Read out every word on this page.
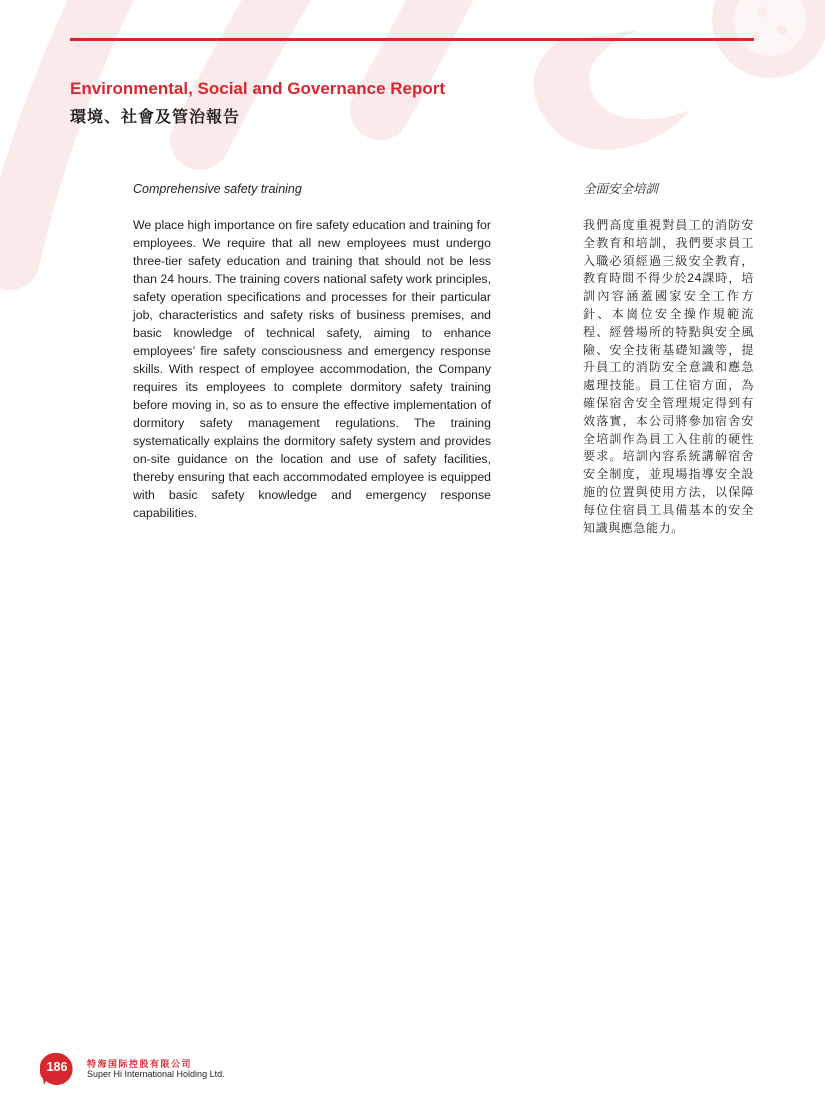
Environmental, Social and Governance Report
環境、社會及管治報告
Comprehensive safety training

We place high importance on fire safety education and training for employees. We require that all new employees must undergo three-tier safety education and training that should not be less than 24 hours. The training covers national safety work principles, safety operation specifications and processes for their particular job, characteristics and safety risks of business premises, and basic knowledge of technical safety, aiming to enhance employees’ fire safety consciousness and emergency response skills. With respect of employee accommodation, the Company requires its employees to complete dormitory safety training before moving in, so as to ensure the effective implementation of dormitory safety management regulations. The training systematically explains the dormitory safety system and provides on-site guidance on the location and use of safety facilities, thereby ensuring that each accommodated employee is equipped with basic safety knowledge and emergency response capabilities.

全面安全培訓

我們高度重視對員工的消防安全教育和培訓，我們要求員工入職必須經過三級安全教育，教育時間不得少於24課時，培訓內容涵蓋國家安全工作方針、本崗位安全操作規範流程、經營場所的特點與安全風險、安全技術基礎知識等，提升員工的消防安全意識和應急處理技能。員工住宿方面，為確保宿舍安全管理規定得到有效落實，本公司將參加宿舍安全培訓作為員工入住前的硬性要求。培訓內容系統講解宿舍安全制度，並現場指導安全設施的位置與使用方法，以保障每位住宿員工具備基本的安全知識與應急能力。

186	特海国际控股有限公司
Super Hi International Holding Ltd.
